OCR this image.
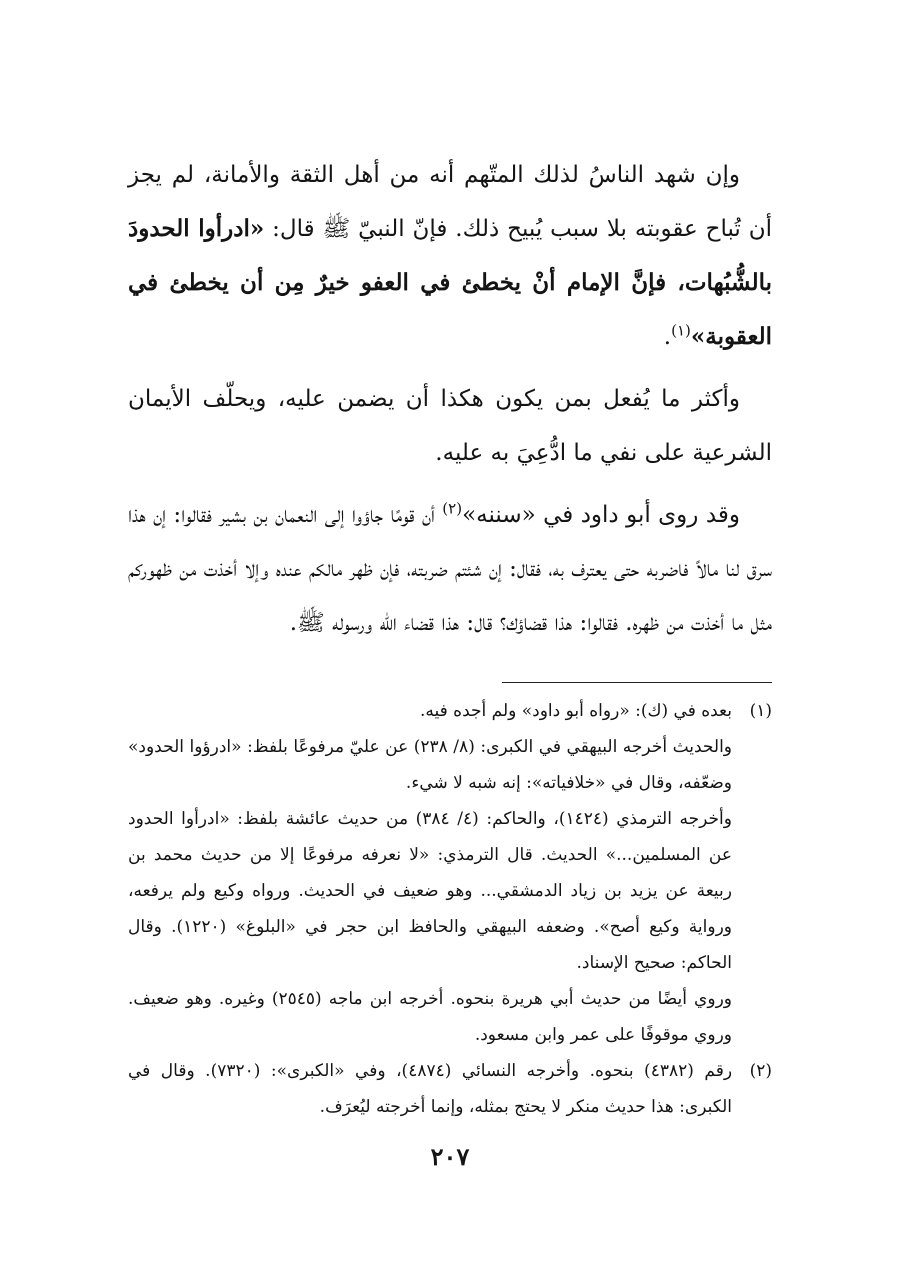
وإن شهد الناسُ لذلك المتّهم أنه من أهل الثقة والأمانة، لم يجز أن تُباح عقوبته بلا سبب يُبيح ذلك. فإنّ النبيّ ﷺ قال: «ادرأوا الحدودَ بالشُّبُهات، فإنَّ الإمام أنْ يخطئ في العفو خيرٌ مِن أن يخطئ في العقوبة»$^{(١)}$.

وأكثر ما يُفعل بمن يكون هكذا أن يضمن عليه، ويحلّف الأيمان الشرعية على نفي ما ادُّعِيَ به عليه.

وقد روى أبو داود في «سننه»$^{(٢)}$ أن قومًا جاؤوا إلى النعمان بن بشير فقالوا: إن هذا سرق لنا مالاً فاضربه حتى يعترف به، فقال: إن شئتم ضربته، فإن ظهر مالكم عنده وإلا أخذت من ظهوركم مثل ما أخذت من ظهره. فقالوا: هذا قضاؤك؟ قال: هذا قضاء الله ورسوله ﷺ.

(١)
بعده في (ك): «رواه أبو داود» ولم أجده فيه.
والحديث أخرجه البيهقي في الكبرى: (٨/ ٢٣٨) عن عليّ مرفوعًا بلفظ: «ادرؤوا الحدود» وضعّفه، وقال في «خلافياته»: إنه شبه لا شيء.
وأخرجه الترمذي (١٤٢٤)، والحاكم: (٤/ ٣٨٤) من حديث عائشة بلفظ: «ادرأوا الحدود عن المسلمين...» الحديث. قال الترمذي: «لا نعرفه مرفوعًا إلا من حديث محمد بن ربيعة عن يزيد بن زياد الدمشقي... وهو ضعيف في الحديث. ورواه وكيع ولم يرفعه، ورواية وكيع أصح». وضعفه البيهقي والحافظ ابن حجر في «البلوغ» (١٢٢٠). وقال الحاكم: صحيح الإسناد.
وروي أيضًا من حديث أبي هريرة بنحوه. أخرجه ابن ماجه (٢٥٤٥) وغيره. وهو ضعيف. وروي موقوفًا على عمر وابن مسعود.
(٢)
رقم (٤٣٨٢) بنحوه. وأخرجه النسائي (٤٨٧٤)، وفي «الكبرى»: (٧٣٢٠). وقال في الكبرى: هذا حديث منكر لا يحتج بمثله، وإنما أخرجته ليُعرَف.
٢٠٧
